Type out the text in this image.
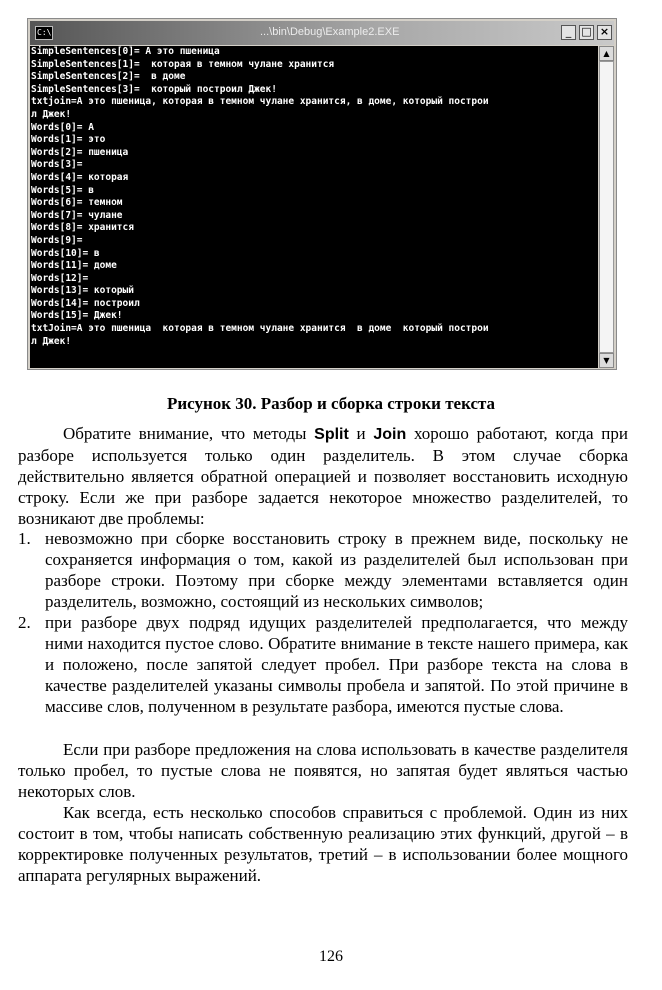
C:\	...\bin\Debug\Example2.EXE	_ □ ×
SimpleSentences[0]= А это пшеница
SimpleSentences[1]=  которая в темном чулане хранится
SimpleSentences[2]=  в доме
SimpleSentences[3]=  который построил Джек!
txtjoin=А это пшеница, которая в темном чулане хранится, в доме, который построи
л Джек!
Words[0]= А
Words[1]= это
Words[2]= пшеница
Words[3]=
Words[4]= которая
Words[5]= в
Words[6]= темном
Words[7]= чулане
Words[8]= хранится
Words[9]=
Words[10]= в
Words[11]= доме
Words[12]=
Words[13]= который
Words[14]= построил
Words[15]= Джек!
txtJoin=А это пшеница  которая в темном чулане хранится  в доме  который построи
л Джек!
▲
▼
Рисунок 30. Разбор и сборка строки текста
Обратите внимание, что методы Split и Join хорошо работают, когда при разборе используется только один разделитель. В этом случае сборка действительно является обратной операцией и позволяет восстановить исходную строку. Если же при разборе задается некоторое множество разделителей, то возникают две проблемы:
1. невозможно при сборке восстановить строку в прежнем виде, поскольку не сохраняется информация о том, какой из разделителей был использован при разборе строки. Поэтому при сборке между элементами вставляется один разделитель, возможно, состоящий из нескольких символов;
2. при разборе двух подряд идущих разделителей предполагается, что между ними находится пустое слово. Обратите внимание в тексте нашего примера, как и положено, после запятой следует пробел. При разборе текста на слова в качестве разделителей указаны символы пробела и запятой. По этой причине в массиве слов, полученном в результате разбора, имеются пустые слова.
Если при разборе предложения на слова использовать в качестве разделителя только пробел, то пустые слова не появятся, но запятая будет являться частью некоторых слов.
Как всегда, есть несколько способов справиться с проблемой. Один из них состоит в том, чтобы написать собственную реализацию этих функций, другой – в корректировке полученных результатов, третий – в использовании более мощного аппарата регулярных выражений.
126
